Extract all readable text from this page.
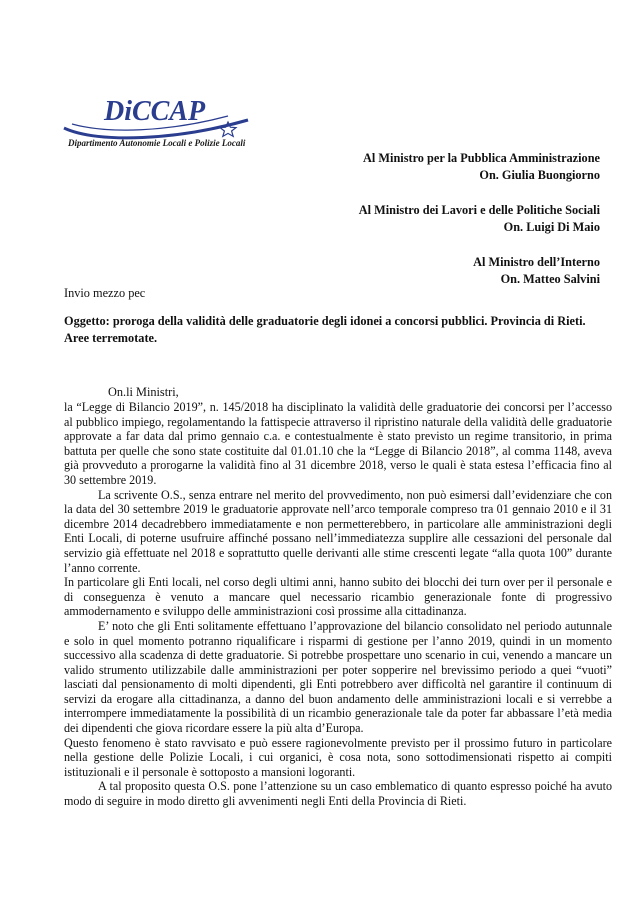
DiCCAP
Dipartimento Autonomie Locali e Polizie Locali
Al Ministro per la Pubblica Amministrazione
On. Giulia Buongiorno
Al Ministro dei Lavori e delle Politiche Sociali
On. Luigi Di Maio
Al Ministro dell’Interno
On. Matteo Salvini
Invio mezzo pec
Oggetto: proroga della validità delle graduatorie degli idonei a concorsi pubblici. Provincia di Rieti. Aree terremotate.
On.li Ministri,

la “Legge di Bilancio 2019”, n. 145/2018 ha disciplinato la validità delle graduatorie dei concorsi per l’accesso al pubblico impiego, regolamentando la fattispecie attraverso il ripristino naturale della validità delle graduatorie approvate a far data dal primo gennaio c.a. e contestualmente è stato previsto un regime transitorio, in prima battuta per quelle che sono state costituite dal 01.01.10 che la “Legge di Bilancio 2018”, al comma 1148, aveva già provveduto a prorogarne la validità fino al 31 dicembre 2018, verso le quali è stata estesa l’efficacia fino al 30 settembre 2019.

La scrivente O.S., senza entrare nel merito del provvedimento, non può esimersi dall’evidenziare che con la data del 30 settembre 2019 le graduatorie approvate nell’arco temporale compreso tra 01 gennaio 2010 e il 31 dicembre 2014 decadrebbero immediatamente e non permetterebbero, in particolare alle amministrazioni degli Enti Locali, di poterne usufruire affinché possano nell’immediatezza supplire alle cessazioni del personale dal servizio già effettuate nel 2018 e soprattutto quelle derivanti alle stime crescenti legate “alla quota 100” durante l’anno corrente.

In particolare gli Enti locali, nel corso degli ultimi anni, hanno subito dei blocchi dei turn over per il personale e di conseguenza è venuto a mancare quel necessario ricambio generazionale fonte di progressivo ammodernamento e sviluppo delle amministrazioni così prossime alla cittadinanza.

E’ noto che gli Enti solitamente effettuano l’approvazione del bilancio consolidato nel periodo autunnale e solo in quel momento potranno riqualificare i risparmi di gestione per l’anno 2019, quindi in un momento successivo alla scadenza di dette graduatorie. Si potrebbe prospettare uno scenario in cui, venendo a mancare un valido strumento utilizzabile dalle amministrazioni per poter sopperire nel brevissimo periodo a quei “vuoti” lasciati dal pensionamento di molti dipendenti, gli Enti potrebbero aver difficoltà nel garantire il continuum di servizi da erogare alla cittadinanza, a danno del buon andamento delle amministrazioni locali e si verrebbe a interrompere immediatamente la possibilità di un ricambio generazionale tale da poter far abbassare l’età media dei dipendenti che giova ricordare essere la più alta d’Europa.

Questo fenomeno è stato ravvisato e può essere ragionevolmente previsto per il prossimo futuro in particolare nella gestione delle Polizie Locali, i cui organici, è cosa nota, sono sottodimensionati rispetto ai compiti istituzionali e il personale è sottoposto a mansioni logoranti.

A tal proposito questa O.S. pone l’attenzione su un caso emblematico di quanto espresso poiché ha avuto modo di seguire in modo diretto gli avvenimenti negli Enti della Provincia di Rieti.
